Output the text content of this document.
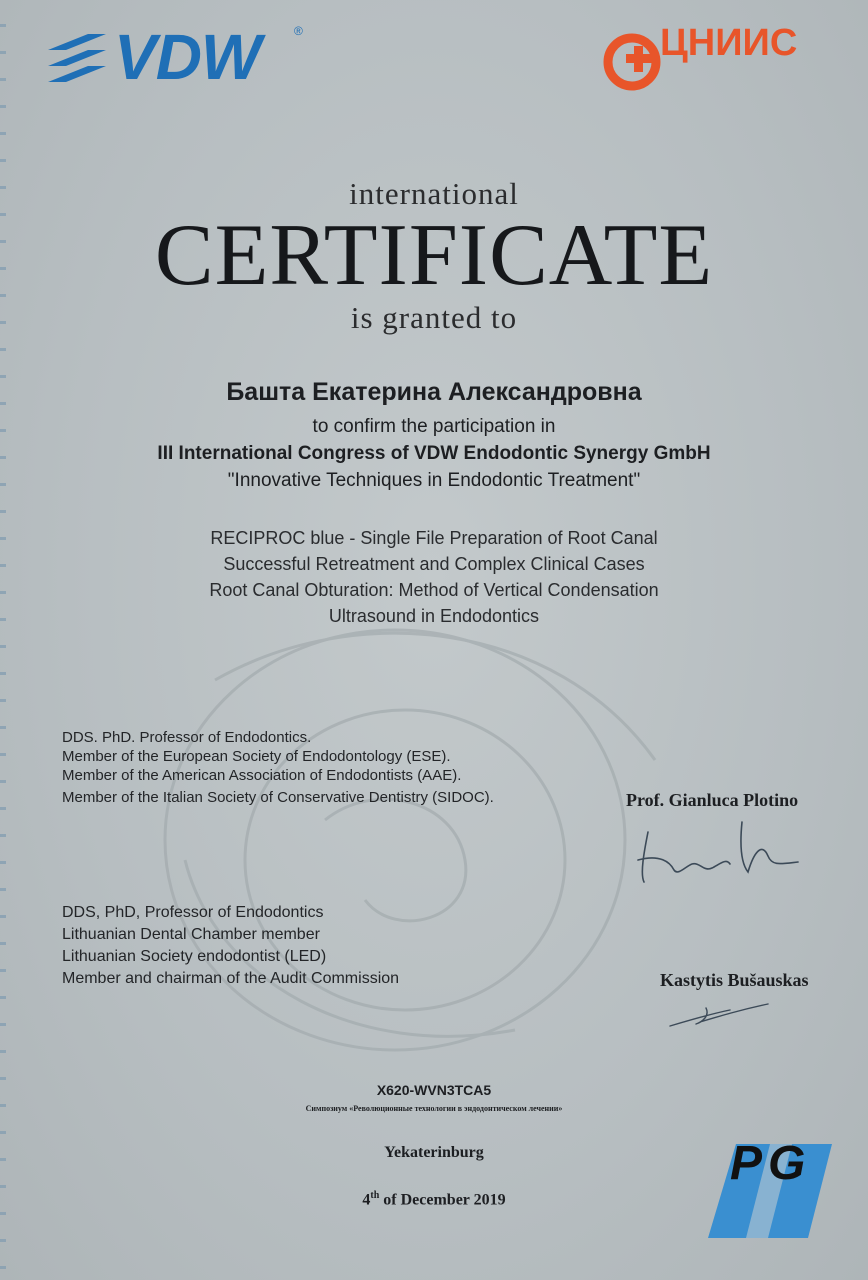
VDW	®	ЦНИИС
international
CERTIFICATE
is granted to
Башта Екатерина Александровна
to confirm the participation in
III International Congress of VDW Endodontic Synergy GmbH
"Innovative Techniques in Endodontic Treatment"
RECIPROC blue - Single File Preparation of Root Canal
Successful Retreatment and Complex Clinical Cases
Root Canal Obturation: Method of Vertical Condensation
Ultrasound in Endodontics
DDS. PhD. Professor of Endodontics.
Member of the European Society of Endodontology (ESE).
Member of the American Association of Endodontists (AAE).
Member of the Italian Society of Conservative Dentistry (SIDOC).	Prof. Gianluca Plotino
DDS, PhD, Professor of Endodontics
Lithuanian Dental Chamber member
Lithuanian Society endodontist (LED)
Member and chairman of the Audit Commission	Kastytis Bušauskas
X620-WVN3TCA5
Симпозиум «Революционные технологии в эндодонтическом лечении»
Yekaterinburg
4th of December 2019
PG
